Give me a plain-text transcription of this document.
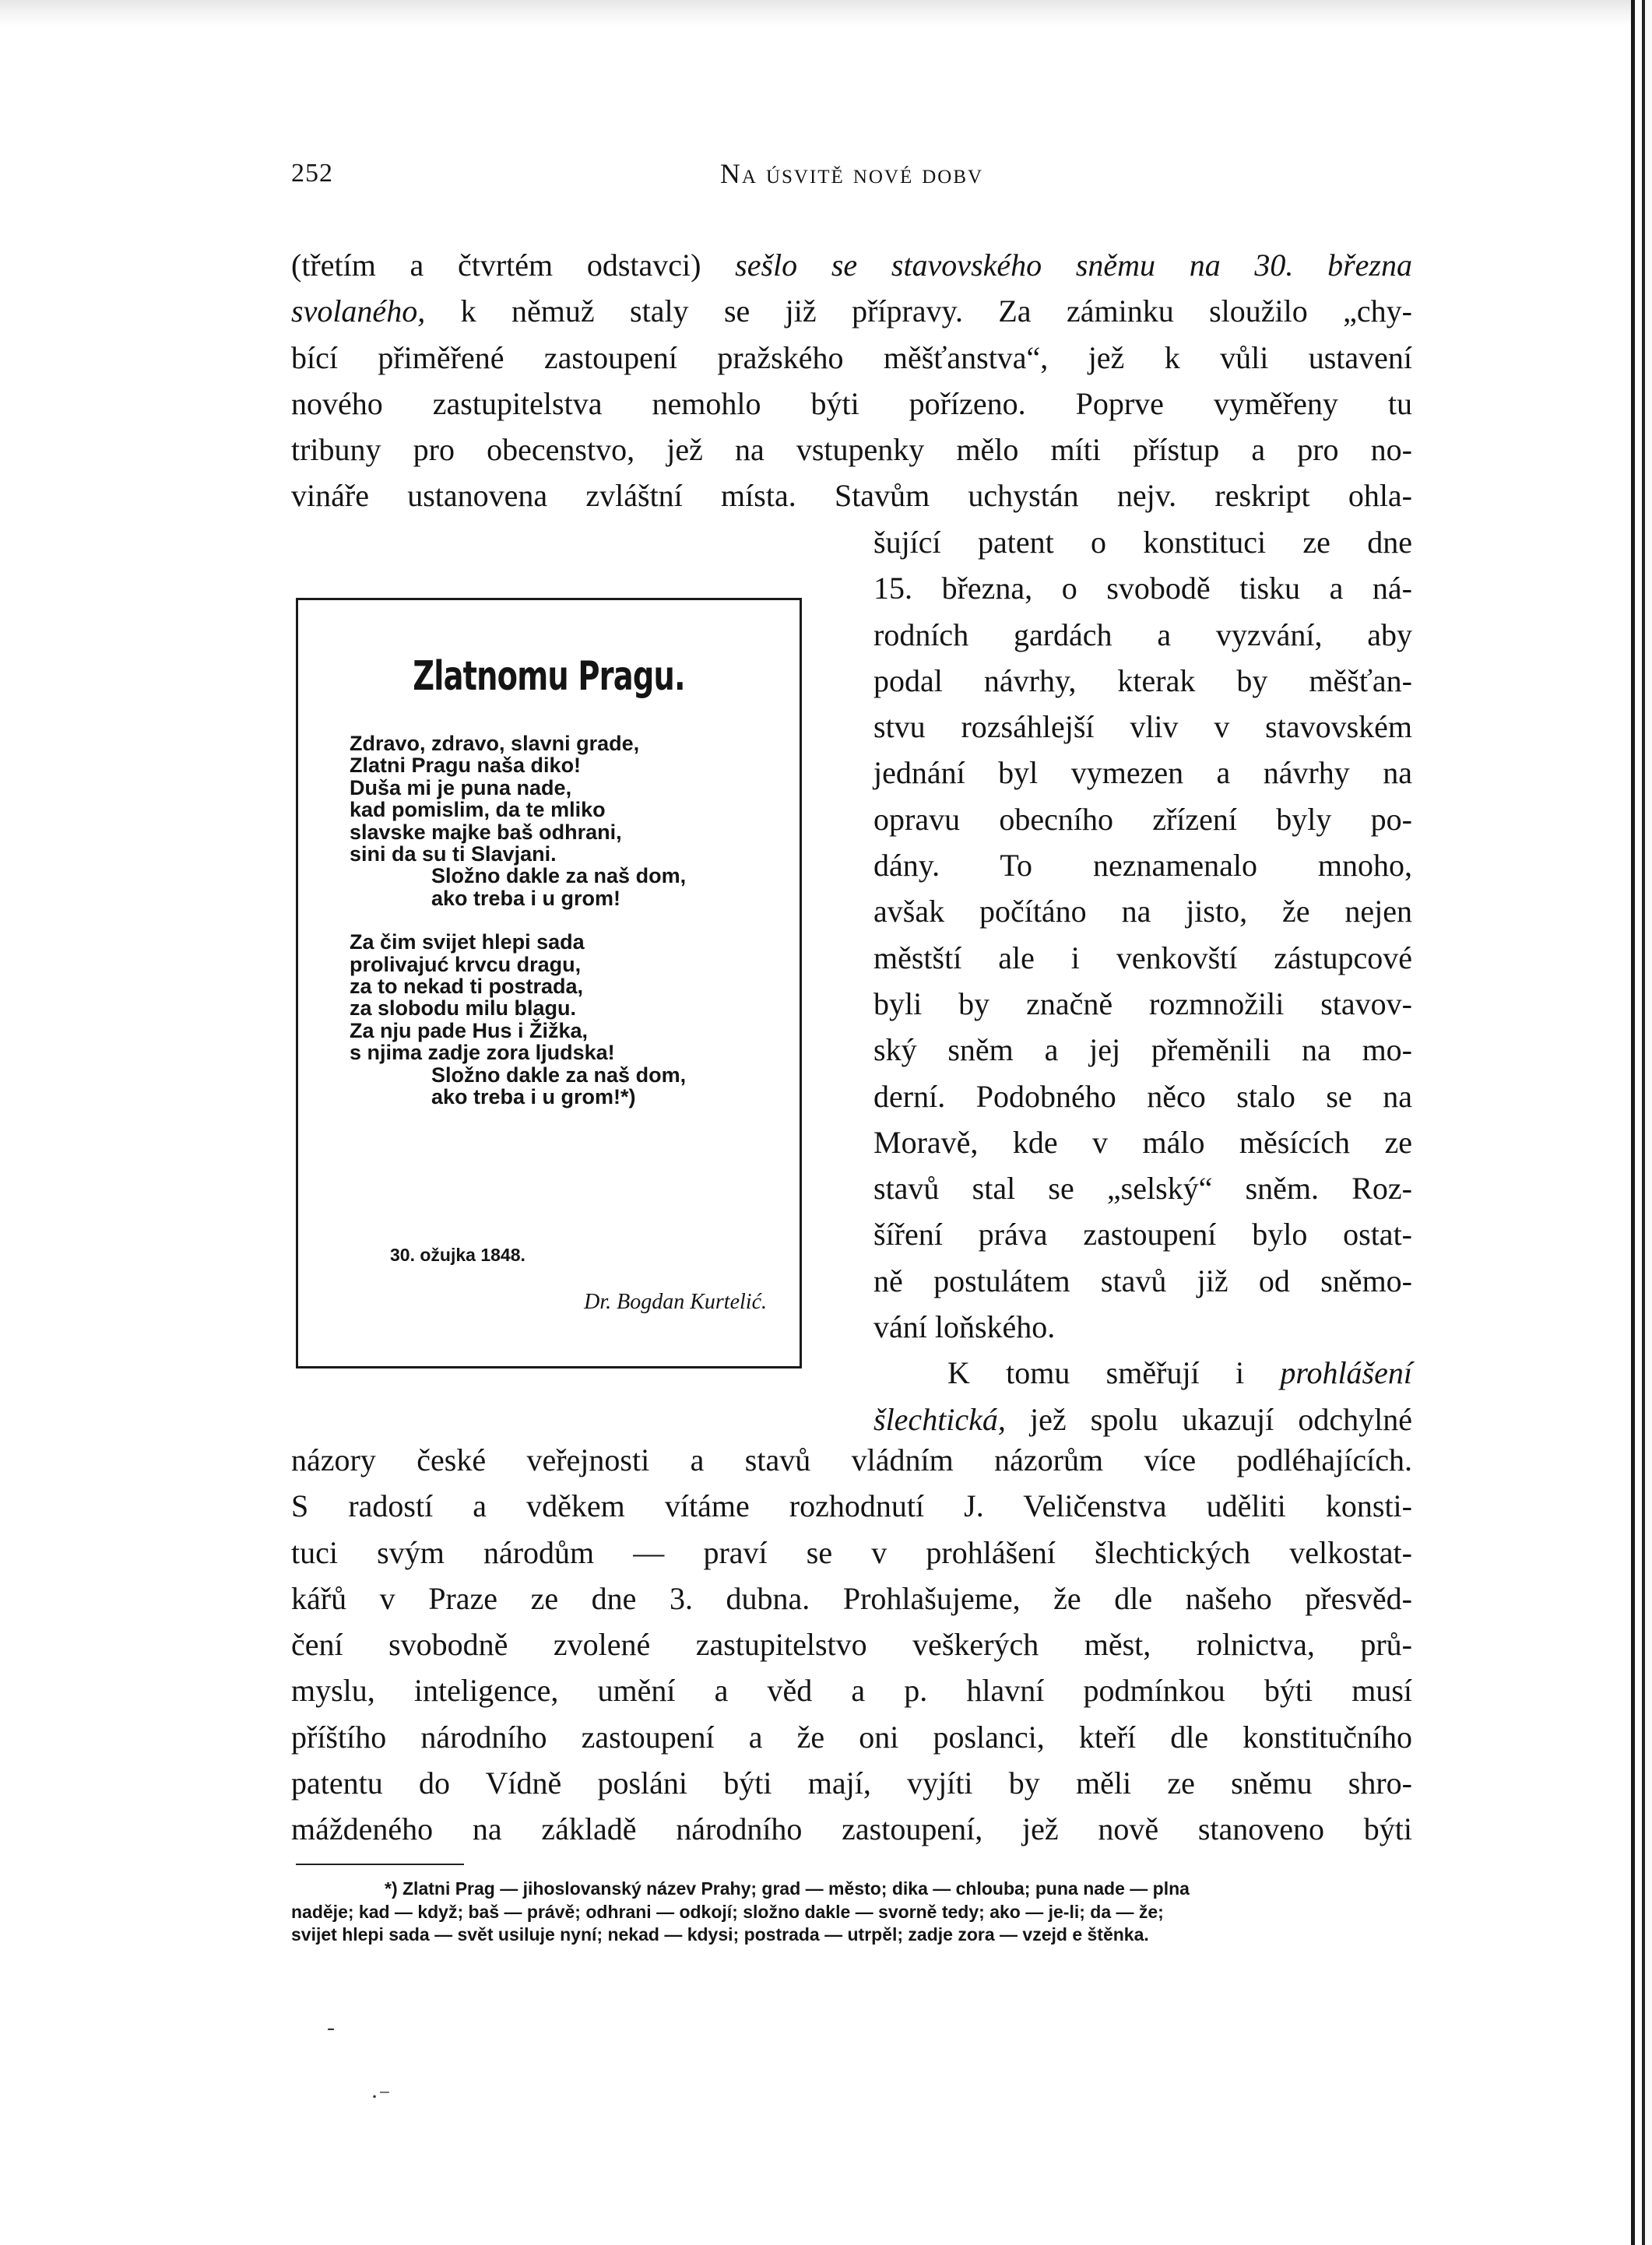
252	Na úsvitě nové dobv
(třetím a čtvrtém odstavci) sešlo se stavovského sněmu na 30. března
svolaného, k němuž staly se již přípravy. Za záminku sloužilo „chy-
bící přiměřené zastoupení pražského měšťanstva“, jež k vůli ustavení
nového zastupitelstva nemohlo býti pořízeno. Poprve vyměřeny tu
tribuny pro obecenstvo, jež na vstupenky mělo míti přístup a pro no-
vináře ustanovena zvláštní místa. Stavům uchystán nejv. reskript ohla-
šující patent o konstituci ze dne
15. března, o svobodě tisku a ná-
rodních gardách a vyzvání, aby
podal návrhy, kterak by měšťan-
stvu rozsáhlejší vliv v stavovském
jednání byl vymezen a návrhy na
opravu obecního zřízení byly po-
dány. To neznamenalo mnoho,
avšak počítáno na jisto, že nejen
městští ale i venkovští zástupcové
byli by značně rozmnožili stavov-
ský sněm a jej přeměnili na mo-
derní. Podobného něco stalo se na
Moravě, kde v málo měsících ze
stavů stal se „selský“ sněm. Roz-
šíření práva zastoupení bylo ostat-
ně postulátem stavů již od sněmo-
vání loňského.
K tomu směřují i prohlášení
šlechtická, jež spolu ukazují odchylné
Zlatnomu Pragu.
Zdravo, zdravo, slavni grade,
Zlatni Pragu naša diko!
Duša mi je puna nade,
kad pomislim, da te mliko
slavske majke baš odhrani,
sini da su ti Slavjani.
Složno dakle za naš dom,
ako treba i u grom!
Za čim svijet hlepi sada
prolivajuć krvcu dragu,
za to nekad ti postrada,
za slobodu milu blagu.
Za nju pade Hus i Žižka,
s njima zadje zora ljudska!
Složno dakle za naš dom,
ako treba i u grom!*)
30. ožujka 1848.
Dr. Bogdan Kurtelić.
názory české veřejnosti a stavů vládním názorům více podléhajících.
S radostí a vděkem vítáme rozhodnutí J. Veličenstva uděliti konsti-
tuci svým národům — praví se v prohlášení šlechtických velkostat-
kářů v Praze ze dne 3. dubna. Prohlašujeme, že dle našeho přesvěd-
čení svobodně zvolené zastupitelstvo veškerých měst, rolnictva, prů-
myslu, inteligence, umění a věd a p. hlavní podmínkou býti musí
příštího národního zastoupení a že oni poslanci, kteří dle konstitučního
patentu do Vídně posláni býti mají, vyjíti by měli ze sněmu shro-
máždeného na základě národního zastoupení, jež nově stanoveno býti
*) Zlatni Prag — jihoslovanský název Prahy; grad — město; dika — chlouba; puna nade — plna
naděje; kad — když; baš — právě; odhrani — odkojí; složno dakle — svorně tedy; ako — je-li; da — že;
svijet hlepi sada — svět usiluje nyní; nekad — kdysi; postrada — utrpěl; zadje zora — vzejd e štěnka.
‐
·⁻
